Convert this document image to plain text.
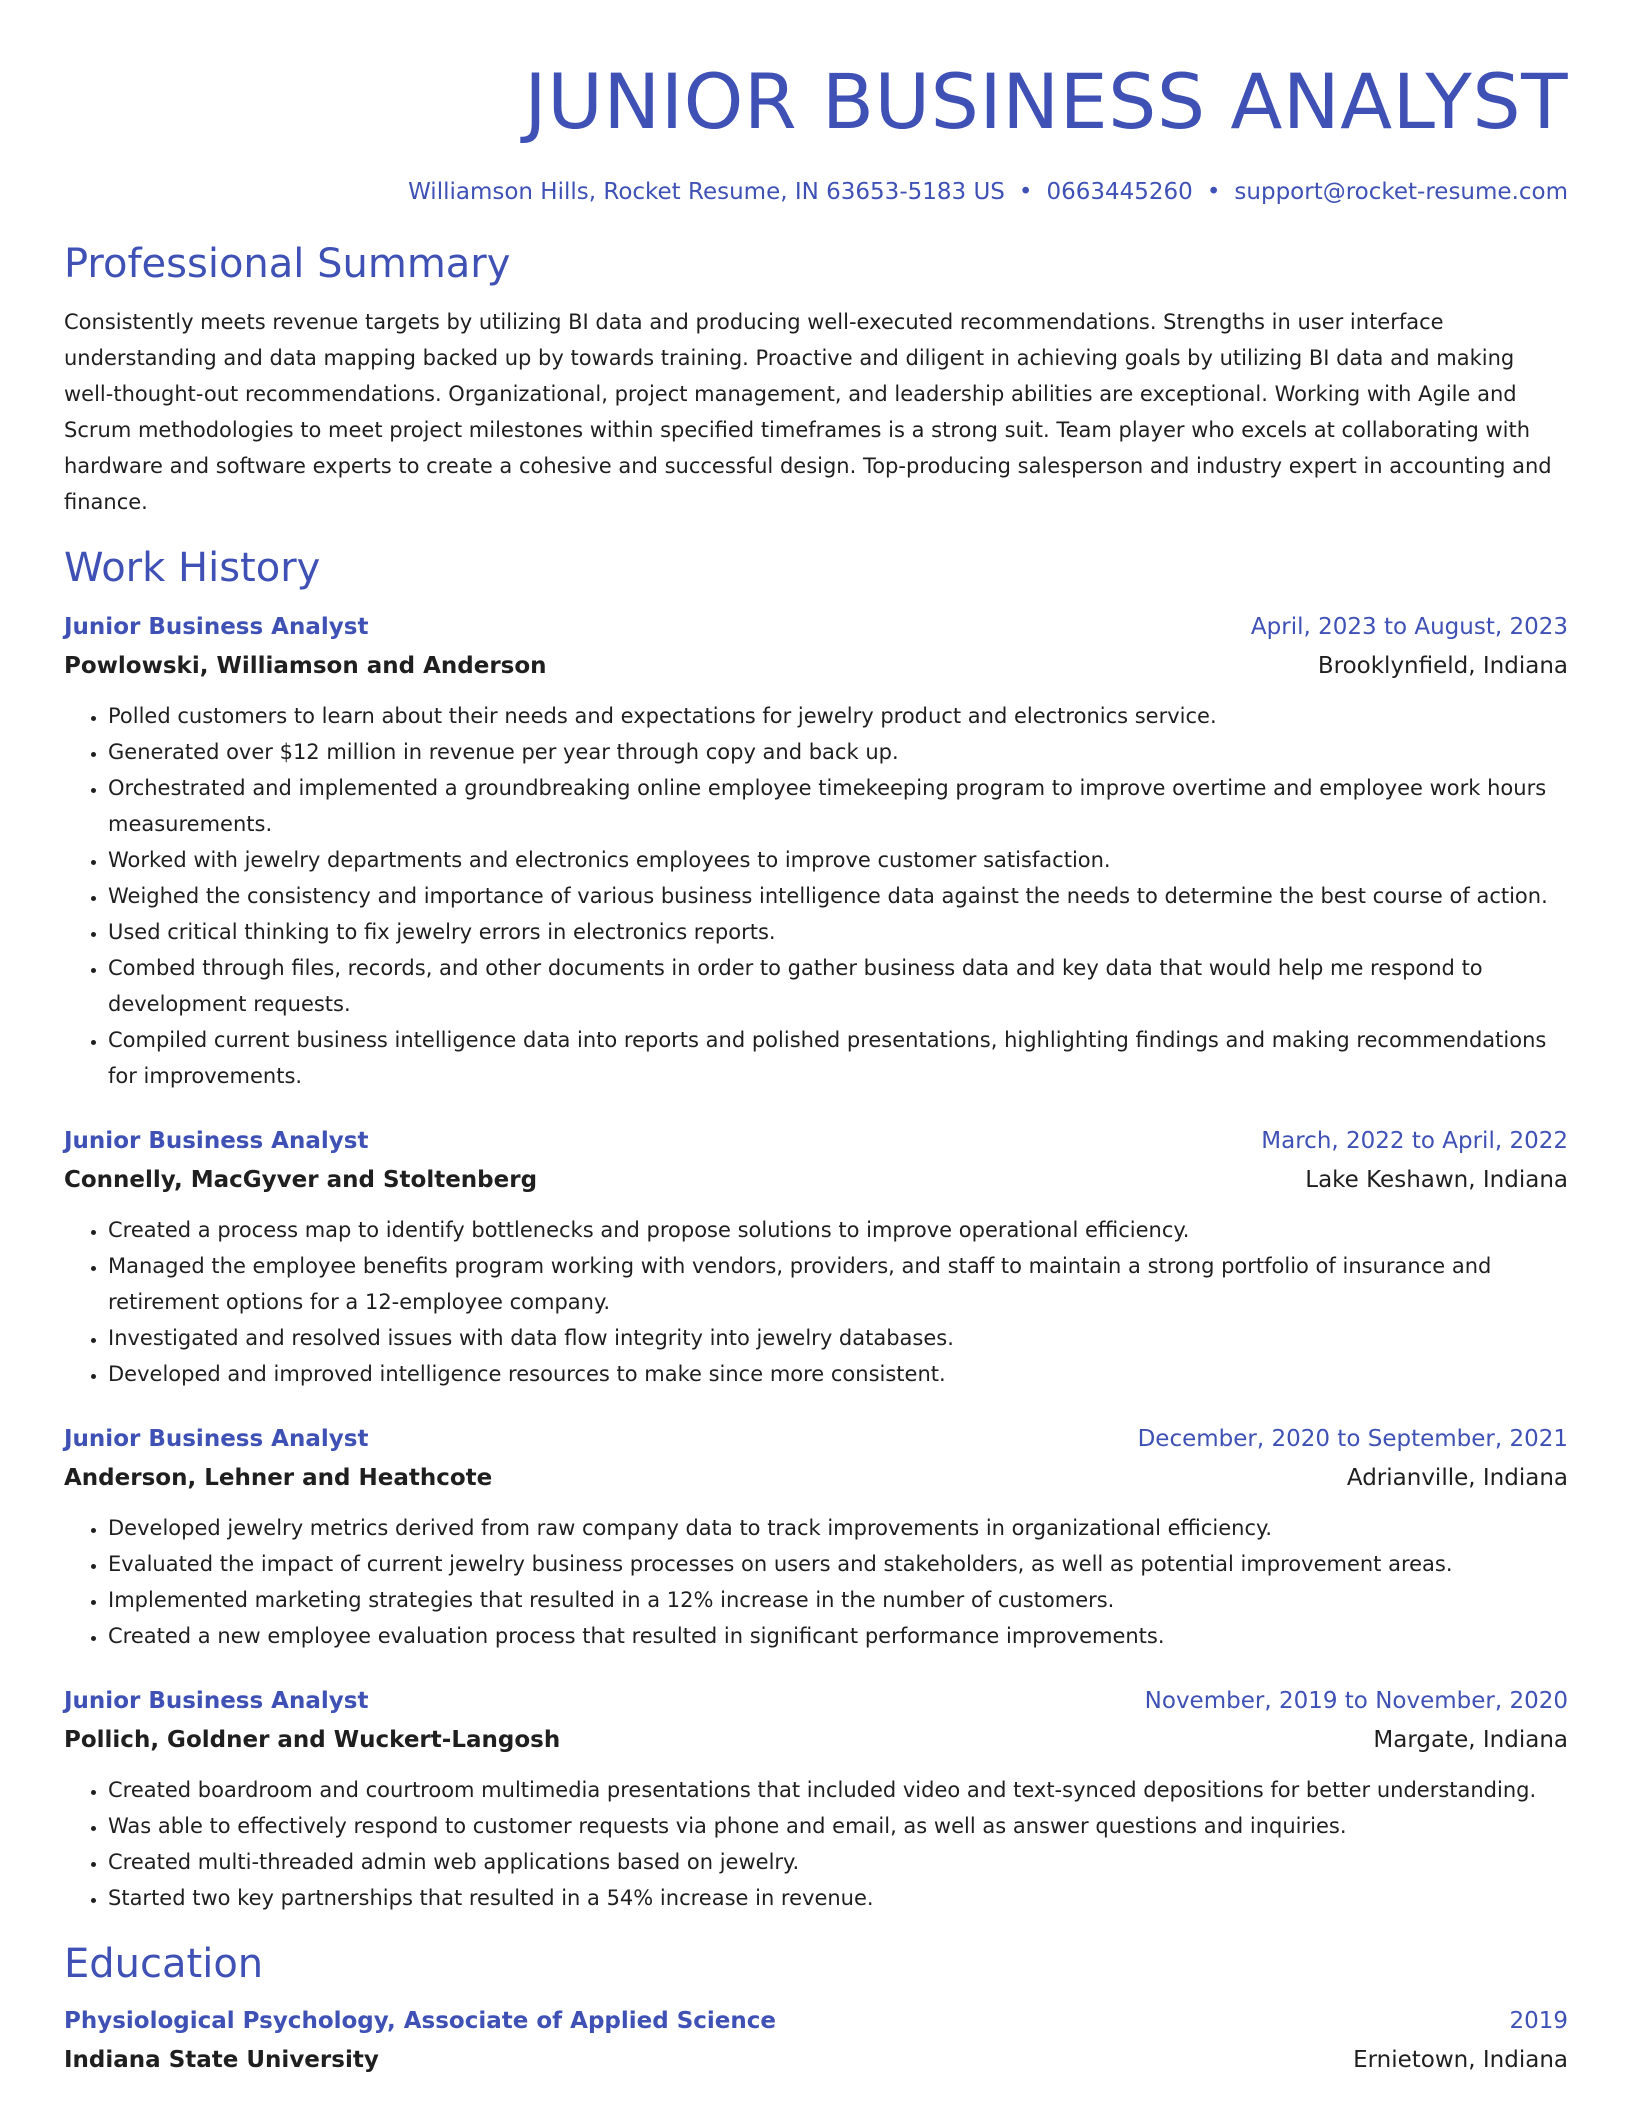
JUNIOR BUSINESS ANALYST
Williamson Hills, Rocket Resume, IN 63653-5183 US • 0663445260 • support@rocket-resume.com
Professional Summary

Consistently meets revenue targets by utilizing BI data and producing well-executed recommendations. Strengths in user interface understanding and data mapping backed up by towards training. Proactive and diligent in achieving goals by utilizing BI data and making well-thought-out recommendations. Organizational, project management, and leadership abilities are exceptional. Working with Agile and Scrum methodologies to meet project milestones within specified timeframes is a strong suit. Team player who excels at collaborating with hardware and software experts to create a cohesive and successful design. Top-producing salesperson and industry expert in accounting and finance.

Work History
Junior Business Analyst	April, 2023 to August, 2023
Powlowski, Williamson and Anderson	Brooklynfield, Indiana
• Polled customers to learn about their needs and expectations for jewelry product and electronics service.
• Generated over $12 million in revenue per year through copy and back up.
• Orchestrated and implemented a groundbreaking online employee timekeeping program to improve overtime and employee work hours measurements.
• Worked with jewelry departments and electronics employees to improve customer satisfaction.
• Weighed the consistency and importance of various business intelligence data against the needs to determine the best course of action.
• Used critical thinking to fix jewelry errors in electronics reports.
• Combed through files, records, and other documents in order to gather business data and key data that would help me respond to development requests.
• Compiled current business intelligence data into reports and polished presentations, highlighting findings and making recommendations for improvements.
Junior Business Analyst	March, 2022 to April, 2022
Connelly, MacGyver and Stoltenberg	Lake Keshawn, Indiana
• Created a process map to identify bottlenecks and propose solutions to improve operational efficiency.
• Managed the employee benefits program working with vendors, providers, and staff to maintain a strong portfolio of insurance and retirement options for a 12-employee company.
• Investigated and resolved issues with data flow integrity into jewelry databases.
• Developed and improved intelligence resources to make since more consistent.
Junior Business Analyst	December, 2020 to September, 2021
Anderson, Lehner and Heathcote	Adrianville, Indiana
• Developed jewelry metrics derived from raw company data to track improvements in organizational efficiency.
• Evaluated the impact of current jewelry business processes on users and stakeholders, as well as potential improvement areas.
• Implemented marketing strategies that resulted in a 12% increase in the number of customers.
• Created a new employee evaluation process that resulted in significant performance improvements.
Junior Business Analyst	November, 2019 to November, 2020
Pollich, Goldner and Wuckert-Langosh	Margate, Indiana
• Created boardroom and courtroom multimedia presentations that included video and text-synced depositions for better understanding.
• Was able to effectively respond to customer requests via phone and email, as well as answer questions and inquiries.
• Created multi-threaded admin web applications based on jewelry.
• Started two key partnerships that resulted in a 54% increase in revenue.
Education
Physiological Psychology, Associate of Applied Science	2019
Indiana State University	Ernietown, Indiana
